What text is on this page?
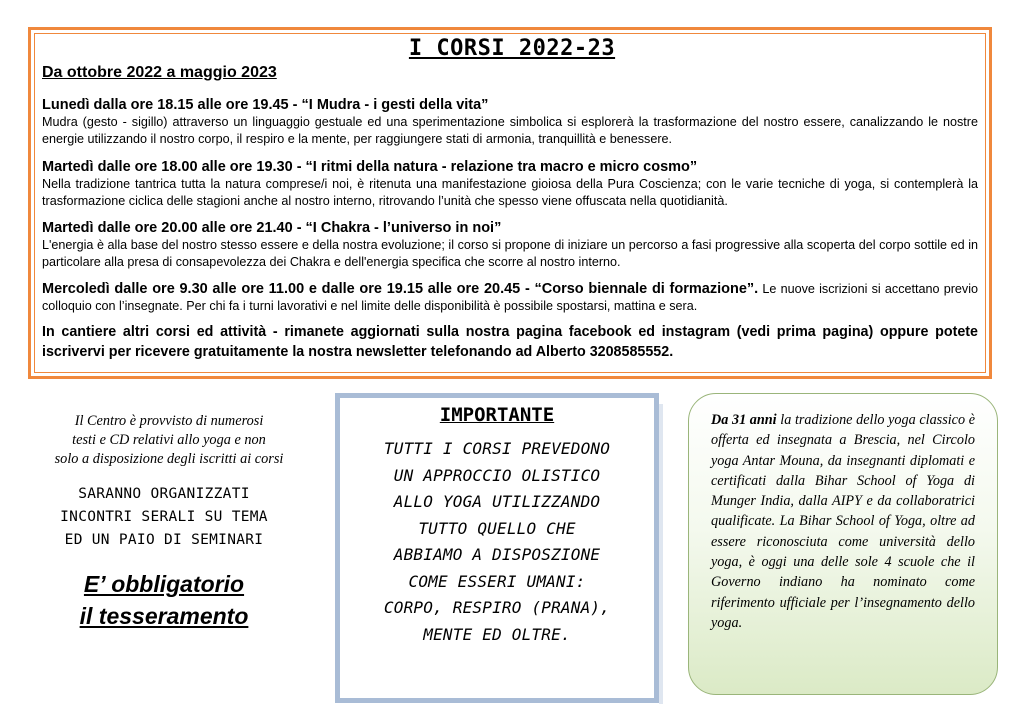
I CORSI 2022-23
Da ottobre 2022 a maggio 2023
Lunedì dalla ore 18.15 alle ore 19.45 - “I Mudra - i gesti della vita”

Mudra (gesto - sigillo) attraverso un linguaggio gestuale ed una sperimentazione simbolica si esplorerà la trasformazione del nostro essere, canalizzando le nostre energie utilizzando il nostro corpo, il respiro e la mente, per raggiungere stati di armonia, tranquillità e benessere.

Martedì dalle ore 18.00 alle ore 19.30 - “I ritmi della natura - relazione tra macro e micro cosmo”

Nella tradizione tantrica tutta la natura comprese/i noi, è ritenuta una manifestazione gioiosa della Pura Coscienza; con le varie tecniche di yoga, si contemplerà la trasformazione ciclica delle stagioni anche al nostro interno, ritrovando l’unità che spesso viene offuscata nella quotidianità.

Martedì dalle ore 20.00 alle ore 21.40 - “I Chakra - l’universo in noi”

L'energia è alla base del nostro stesso essere e della nostra evoluzione; il corso si propone di iniziare un percorso a fasi progressive alla scoperta del corpo sottile ed in particolare alla presa di consapevolezza dei Chakra e dell'energia specifica che scorre al nostro interno.

Mercoledì dalle ore 9.30 alle ore 11.00 e dalle ore 19.15 alle ore 20.45 - “Corso biennale di formazione”. Le nuove iscrizioni si accettano previo colloquio con l’insegnate. Per chi fa i turni lavorativi e nel limite delle disponibilità è possibile spostarsi, mattina e sera.

In cantiere altri corsi ed attività - rimanete aggiornati sulla nostra pagina facebook ed instagram (vedi prima pagina) oppure potete iscrivervi per ricevere gratuitamente la nostra newsletter telefonando ad Alberto 3208585552.
Il Centro è provvisto di numerosi
testi e CD relativi allo yoga e non
solo a disposizione degli iscritti ai corsi
SARANNO ORGANIZZATI
INCONTRI SERALI SU TEMA
ED UN PAIO DI SEMINARI
E’ obbligatorio
il tesseramento
IMPORTANTE
TUTTI I CORSI PREVEDONO
UN APPROCCIO OLISTICO
ALLO YOGA UTILIZZANDO
TUTTO QUELLO CHE
ABBIAMO A DISPOSZIONE
COME ESSERI UMANI:
CORPO, RESPIRO (PRANA),
MENTE ED OLTRE.
Da 31 anni la tradizione dello yoga classico è offerta ed insegnata a Brescia, nel Circolo yoga Antar Mouna, da insegnanti diplomati e certificati dalla Bihar School of Yoga di Munger India, dalla AIPY e da collaboratrici qualificate. La Bihar School of Yoga, oltre ad essere riconosciuta come università dello yoga, è oggi una delle sole 4 scuole che il Governo indiano ha nominato come riferimento ufficiale per l’insegnamento dello yoga.
